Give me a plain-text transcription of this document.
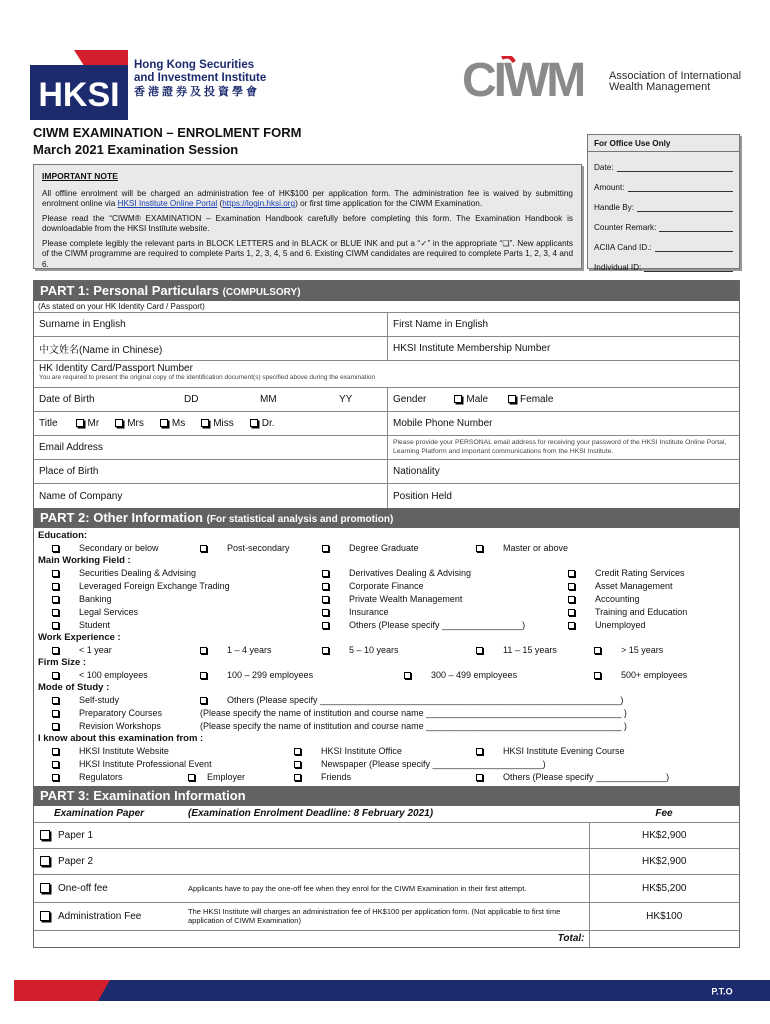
HKSI
Hong Kong Securities
and Investment Institute
香港證券及投資學會	CIWM Association of International
Wealth Management
CIWM EXAMINATION – ENROLMENT FORM
March 2021 Examination Session
IMPORTANT NOTE

All offline enrolment will be charged an administration fee of HK$100 per application form. The administration fee is waived by submitting enrolment online via HKSI Institute Online Portal (https://login.hksi.org) or first time application for the CIWM Examination.

Please read the “CIWM® EXAMINATION – Examination Handbook carefully before completing this form. The Examination Handbook is downloadable from the HKSI Institute website.

Please complete legibly the relevant parts in BLOCK LETTERS and in BLACK or BLUE INK and put a “✓” in the appropriate “❑”. New applicants of the CIWM programme are required to complete Parts 1, 2, 3, 4, 5 and 6. Existing CIWM candidates are required to complete Parts 1, 2, 3, 4 and 6.

For Office Use Only
Date:
Amount:
Handle By:
Counter Remark:
ACIIA Cand ID.:
Individual ID:
PART 1: Personal Particulars (COMPULSORY)
(As stated on your HK Identity Card / Passport)
Surname in English	First Name in English
中文姓名(Name in Chinese)	HKSI Institute Membership Number
HK Identity Card/Passport Number
You are required to present the original copy of the identification document(s) specified above during the examination
Date of Birth	DD	MM	YY	Gender	Male	Female
Title	Mr	Mrs	Ms	Miss	Dr.	Mobile Phone Number
Email Address	Please provide your PERSONAL email address for receiving your password of the HKSI Institute Online Portal, Learning Platform and important communications from the HKSI Institute.
Place of Birth	Nationality
Name of Company	Position Held
PART 2: Other Information (For statistical analysis and promotion)
Education:
Secondary or below	Post-secondary	Degree Graduate	Master or above
Main Working Field :
Securities Dealing & Advising	Derivatives Dealing & Advising	Credit Rating Services
Leveraged Foreign Exchange Trading	Corporate Finance	Asset Management
Banking	Private Wealth Management	Accounting
Legal Services	Insurance	Training and Education
Student	Others (Please specify ________________)	Unemployed
Work Experience :
< 1 year	1 – 4 years	5 – 10 years	11 – 15 years	> 15 years
Firm Size :
< 100 employees	100 – 299 employees	300 – 499 employees	500+ employees
Mode of Study :
Self-study	Others (Please specify ____________________________________________________________)
Preparatory Courses	(Please specify the name of institution and course name _______________________________________ )
Revision Workshops	(Please specify the name of institution and course name _______________________________________ )
I know about this examination from :
HKSI Institute Website	HKSI Institute Office	HKSI Institute Evening Course
HKSI Institute Professional Event	Newspaper (Please specify ______________________)
Regulators	Employer	Friends	Others (Please specify ______________)
PART 3: Examination Information
Examination Paper	(Examination Enrolment Deadline: 8 February 2021)	Fee
Paper 1		HK$2,900
Paper 2		HK$2,900
One-off fee	Applicants have to pay the one-off fee when they enrol for the CIWM Examination in their first attempt.	HK$5,200
Administration Fee	The HKSI Institute will charges an administration fee of HK$100 per application form. (Not applicable to first time application of CIWM Examination)	HK$100
	Total:	
P.T.O
